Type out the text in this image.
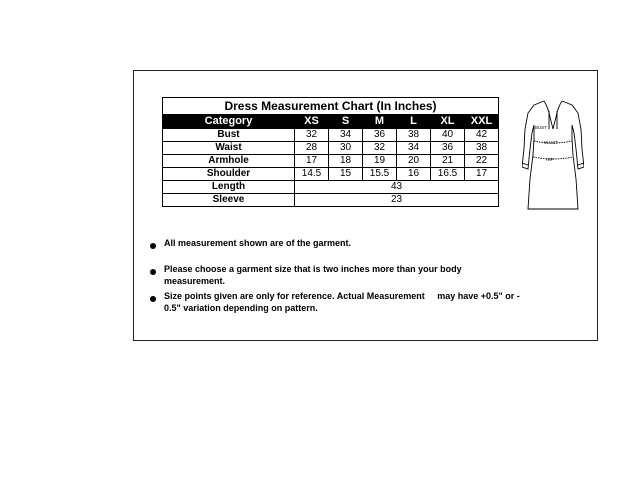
Dress Measurement Chart (In Inches)						
Category	XS	S	M	L	XL	XXL
Bust	32	34	36	38	40	42
Waist	28	30	32	34	36	38
Armhole	17	18	19	20	21	22
Shoulder	14.5	15	15.5	16	16.5	17
Length	43					
Sleeve	23					
BUST
WAIST
HIP
All measurement shown are of the garment.
Please choose a garment size that is two inches more than your body measurement.
Size points given are only for reference. Actual Measurement     may have +0.5" or -
0.5" variation depending on pattern.
